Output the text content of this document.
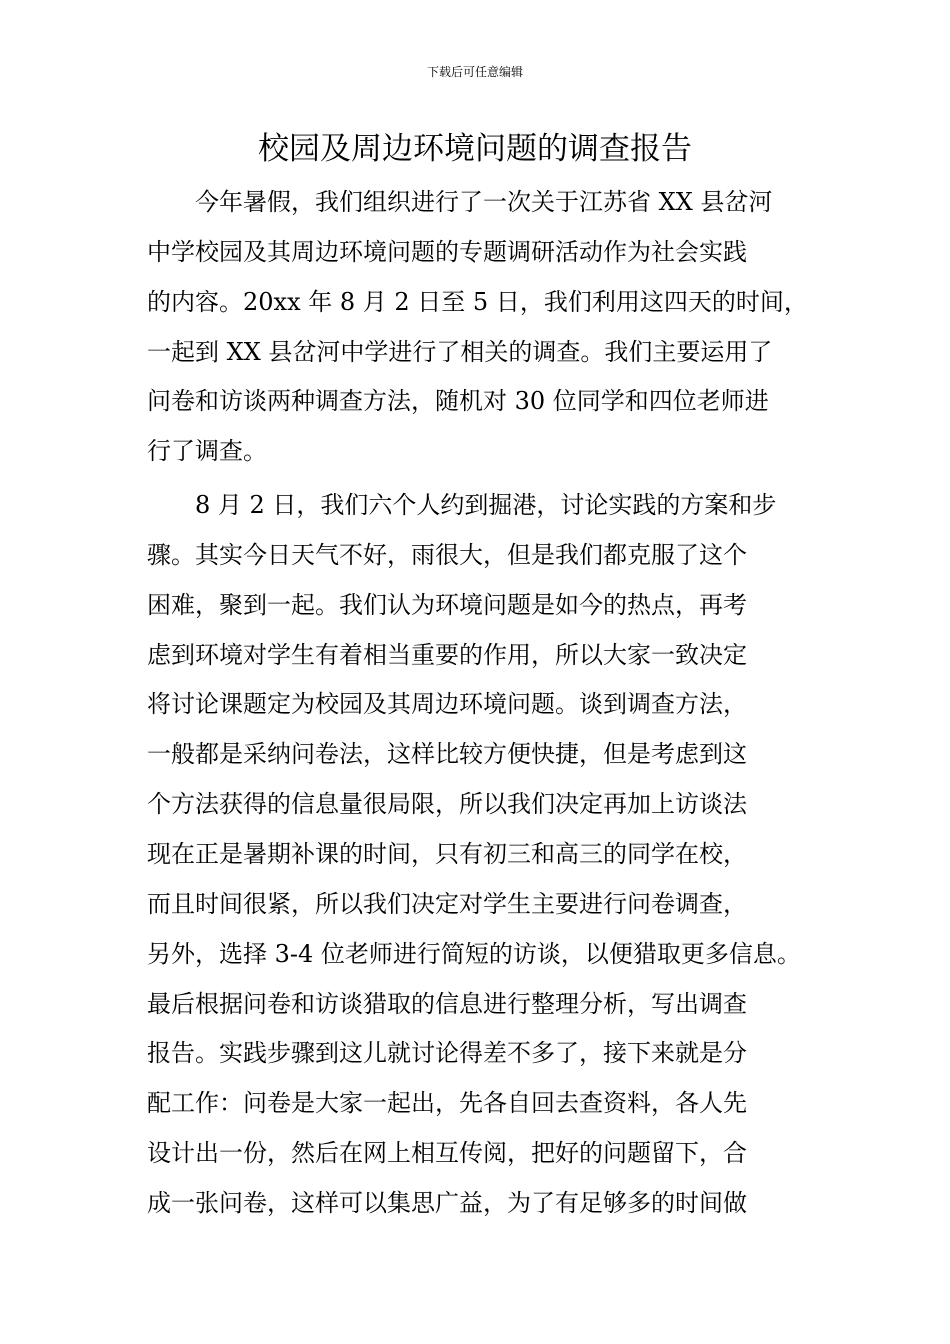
下载后可任意编辑
校园及周边环境问题的调查报告
今年暑假，我们组织进行了一次关于江苏省 XX 县岔河
中学校园及其周边环境问题的专题调研活动作为社会实践
的内容。20xx 年 8 月 2 日至 5 日，我们利用这四天的时间，
一起到 XX 县岔河中学进行了相关的调查。我们主要运用了
问卷和访谈两种调查方法，随机对 30 位同学和四位老师进
行了调查。
8 月 2 日，我们六个人约到掘港，讨论实践的方案和步
骤。其实今日天气不好，雨很大，但是我们都克服了这个
困难，聚到一起。我们认为环境问题是如今的热点，再考
虑到环境对学生有着相当重要的作用，所以大家一致决定
将讨论课题定为校园及其周边环境问题。谈到调查方法，
一般都是采纳问卷法，这样比较方便快捷，但是考虑到这
个方法获得的信息量很局限，所以我们决定再加上访谈法
现在正是暑期补课的时间，只有初三和高三的同学在校，
而且时间很紧，所以我们决定对学生主要进行问卷调查，
另外，选择 3-4 位老师进行简短的访谈，以便猎取更多信息。
最后根据问卷和访谈猎取的信息进行整理分析，写出调查
报告。实践步骤到这儿就讨论得差不多了，接下来就是分
配工作：问卷是大家一起出，先各自回去查资料，各人先
设计出一份，然后在网上相互传阅，把好的问题留下，合
成一张问卷，这样可以集思广益，为了有足够多的时间做
